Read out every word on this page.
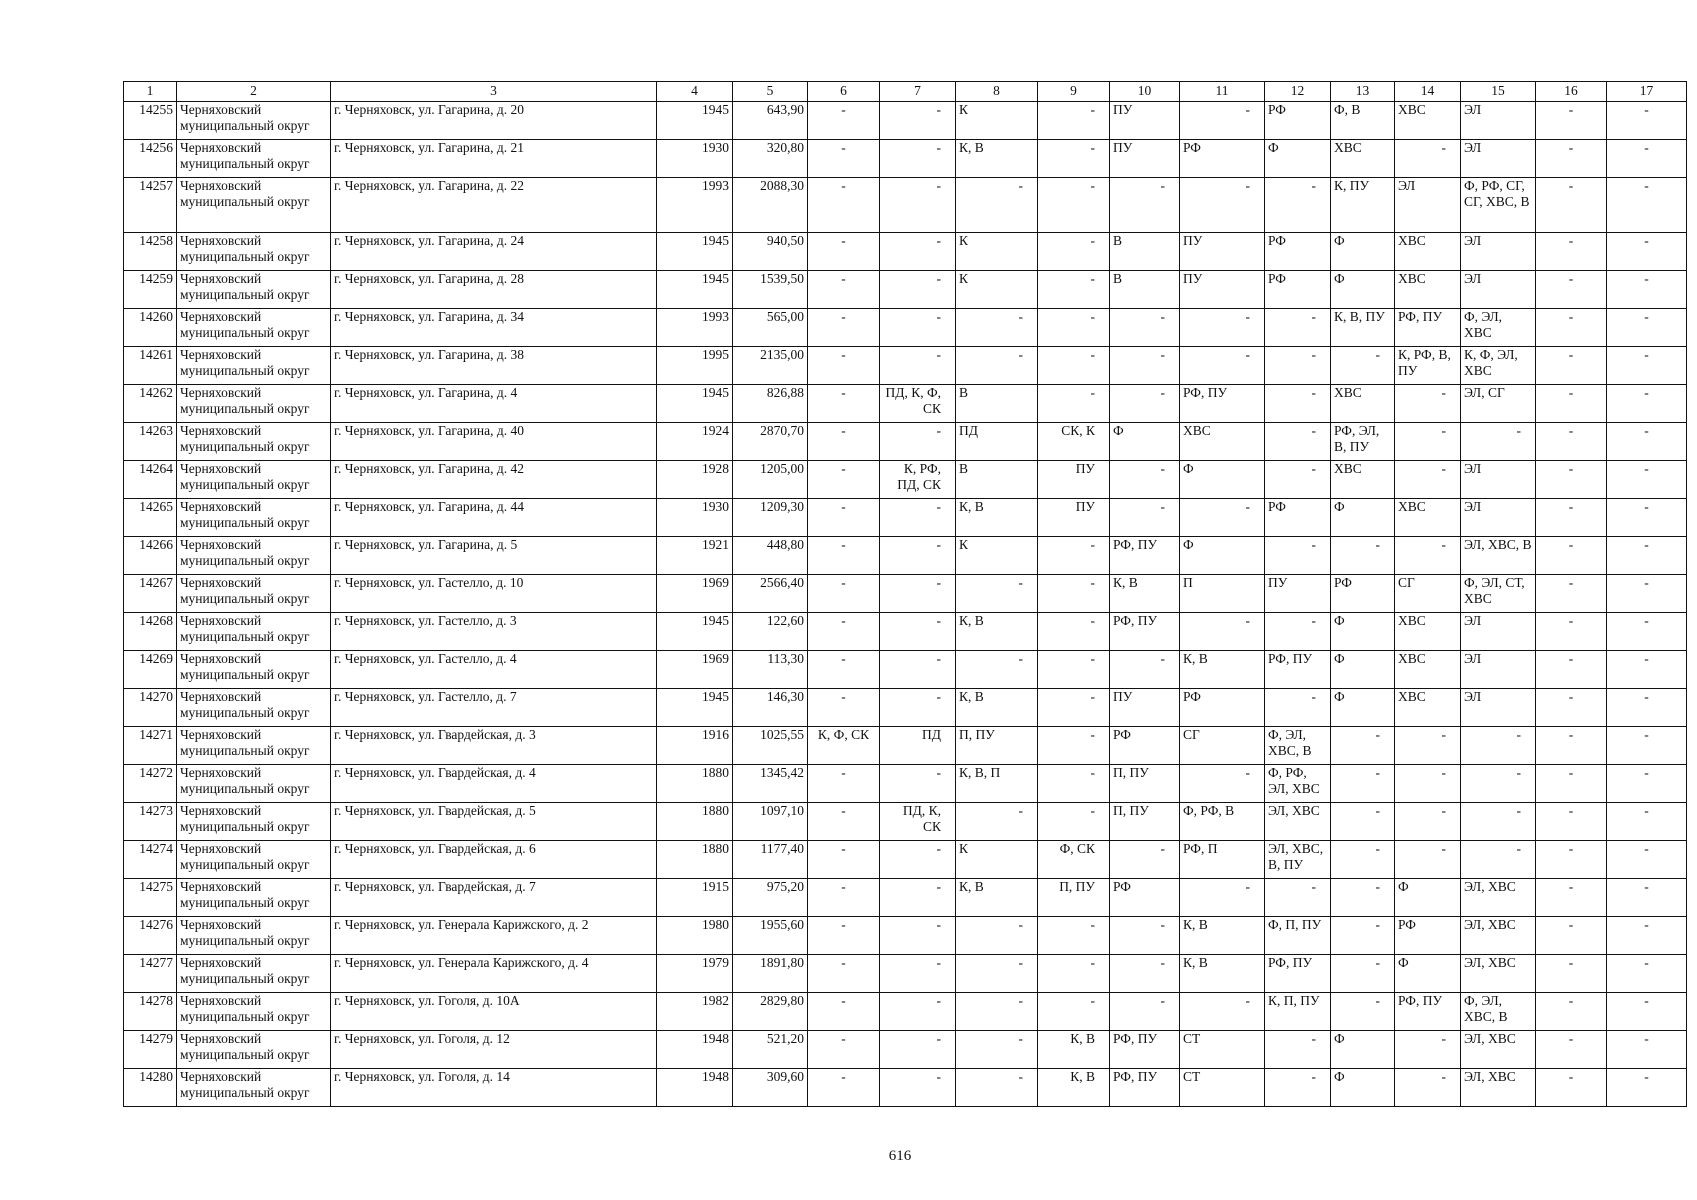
1	2	3	4	5	6	7	8	9	10	11	12	13	14	15	16	17
14255	Черняховский муниципальный округ	г. Черняховск, ул. Гагарина, д. 20	1945	643,90	-	-	К	-	ПУ	-	РФ	Ф, В	ХВС	ЭЛ	-	-
14256	Черняховский муниципальный округ	г. Черняховск, ул. Гагарина, д. 21	1930	320,80	-	-	К, В	-	ПУ	РФ	Ф	ХВС	-	ЭЛ	-	-
14257	Черняховский муниципальный округ	г. Черняховск, ул. Гагарина, д. 22	1993	2088,30	-	-	-	-	-	-	-	К, ПУ	ЭЛ	Ф, РФ, СГ, СГ, ХВС, В	-	-
14258	Черняховский муниципальный округ	г. Черняховск, ул. Гагарина, д. 24	1945	940,50	-	-	К	-	В	ПУ	РФ	Ф	ХВС	ЭЛ	-	-
14259	Черняховский муниципальный округ	г. Черняховск, ул. Гагарина, д. 28	1945	1539,50	-	-	К	-	В	ПУ	РФ	Ф	ХВС	ЭЛ	-	-
14260	Черняховский муниципальный округ	г. Черняховск, ул. Гагарина, д. 34	1993	565,00	-	-	-	-	-	-	-	К, В, ПУ	РФ, ПУ	Ф, ЭЛ, ХВС	-	-
14261	Черняховский муниципальный округ	г. Черняховск, ул. Гагарина, д. 38	1995	2135,00	-	-	-	-	-	-	-	-	К, РФ, В, ПУ	К, Ф, ЭЛ, ХВС	-	-
14262	Черняховский муниципальный округ	г. Черняховск, ул. Гагарина, д. 4	1945	826,88	-	ПД, К, Ф, СК	В	-	-	РФ, ПУ	-	ХВС	-	ЭЛ, СГ	-	-
14263	Черняховский муниципальный округ	г. Черняховск, ул. Гагарина, д. 40	1924	2870,70	-	-	ПД	СК, К	Ф	ХВС	-	РФ, ЭЛ, В, ПУ	-	-	-	-
14264	Черняховский муниципальный округ	г. Черняховск, ул. Гагарина, д. 42	1928	1205,00	-	К, РФ, ПД, СК	В	ПУ	-	Ф	-	ХВС	-	ЭЛ	-	-
14265	Черняховский муниципальный округ	г. Черняховск, ул. Гагарина, д. 44	1930	1209,30	-	-	К, В	ПУ	-	-	РФ	Ф	ХВС	ЭЛ	-	-
14266	Черняховский муниципальный округ	г. Черняховск, ул. Гагарина, д. 5	1921	448,80	-	-	К	-	РФ, ПУ	Ф	-	-	-	ЭЛ, ХВС, В	-	-
14267	Черняховский муниципальный округ	г. Черняховск, ул. Гастелло, д. 10	1969	2566,40	-	-	-	-	К, В	П	ПУ	РФ	СГ	Ф, ЭЛ, СТ, ХВС	-	-
14268	Черняховский муниципальный округ	г. Черняховск, ул. Гастелло, д. 3	1945	122,60	-	-	К, В	-	РФ, ПУ	-	-	Ф	ХВС	ЭЛ	-	-
14269	Черняховский муниципальный округ	г. Черняховск, ул. Гастелло, д. 4	1969	113,30	-	-	-	-	-	К, В	РФ, ПУ	Ф	ХВС	ЭЛ	-	-
14270	Черняховский муниципальный округ	г. Черняховск, ул. Гастелло, д. 7	1945	146,30	-	-	К, В	-	ПУ	РФ	-	Ф	ХВС	ЭЛ	-	-
14271	Черняховский муниципальный округ	г. Черняховск, ул. Гвардейская, д. 3	1916	1025,55	К, Ф, СК	ПД	П, ПУ	-	РФ	СГ	Ф, ЭЛ, ХВС, В	-	-	-	-	-
14272	Черняховский муниципальный округ	г. Черняховск, ул. Гвардейская, д. 4	1880	1345,42	-	-	К, В, П	-	П, ПУ	-	Ф, РФ, ЭЛ, ХВС	-	-	-	-	-
14273	Черняховский муниципальный округ	г. Черняховск, ул. Гвардейская, д. 5	1880	1097,10	-	ПД, К, СК	-	-	П, ПУ	Ф, РФ, В	ЭЛ, ХВС	-	-	-	-	-
14274	Черняховский муниципальный округ	г. Черняховск, ул. Гвардейская, д. 6	1880	1177,40	-	-	К	Ф, СК	-	РФ, П	ЭЛ, ХВС, В, ПУ	-	-	-	-	-
14275	Черняховский муниципальный округ	г. Черняховск, ул. Гвардейская, д. 7	1915	975,20	-	-	К, В	П, ПУ	РФ	-	-	-	Ф	ЭЛ, ХВС	-	-
14276	Черняховский муниципальный округ	г. Черняховск, ул. Генерала Карижского, д. 2	1980	1955,60	-	-	-	-	-	К, В	Ф, П, ПУ	-	РФ	ЭЛ, ХВС	-	-
14277	Черняховский муниципальный округ	г. Черняховск, ул. Генерала Карижского, д. 4	1979	1891,80	-	-	-	-	-	К, В	РФ, ПУ	-	Ф	ЭЛ, ХВС	-	-
14278	Черняховский муниципальный округ	г. Черняховск, ул. Гоголя, д. 10А	1982	2829,80	-	-	-	-	-	-	К, П, ПУ	-	РФ, ПУ	Ф, ЭЛ, ХВС, В	-	-
14279	Черняховский муниципальный округ	г. Черняховск, ул. Гоголя, д. 12	1948	521,20	-	-	-	К, В	РФ, ПУ	СТ	-	Ф	-	ЭЛ, ХВС	-	-
14280	Черняховский муниципальный округ	г. Черняховск, ул. Гоголя, д. 14	1948	309,60	-	-	-	К, В	РФ, ПУ	СТ	-	Ф	-	ЭЛ, ХВС	-	-
616
